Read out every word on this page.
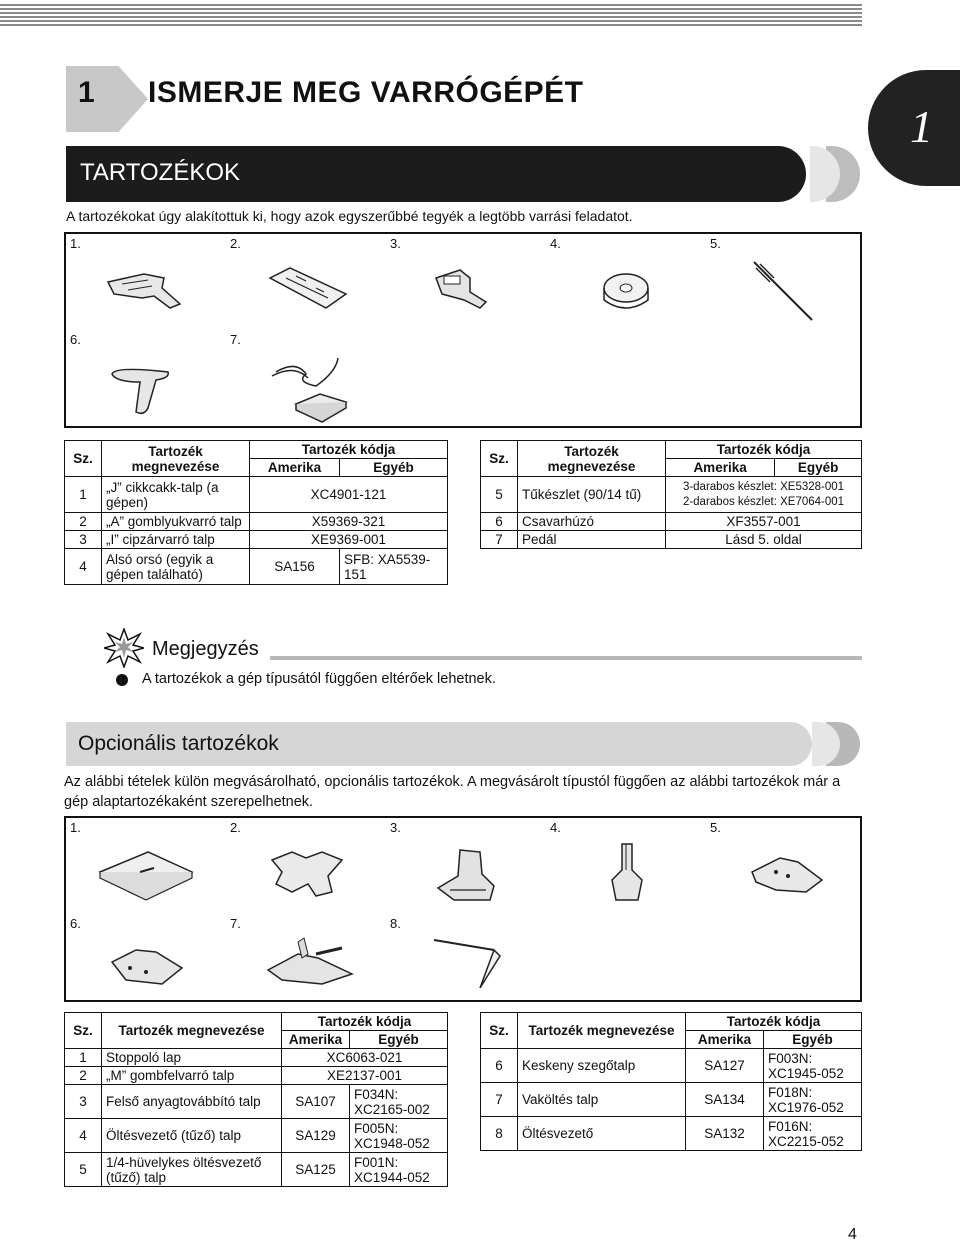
1 ISMERJE MEG VARRÓGÉPÉT
1
TARTOZÉKOK
A tartozékokat úgy alakítottuk ki, hogy azok egyszerűbbé tegyék a legtöbb varrási feladatot.
1.	2.	3.	4.	5.
6.	7.
Sz.	Tartozék megnevezése	Tartozék kódja	
		Amerika	Egyéb
1	„J” cikkcakk-talp (a gépen)	XC4901-121	
2	„A” gomblyukvarró talp	X59369-321	
3	„I” cipzárvarró talp	XE9369-001	
4	Alsó orsó (egyik a gépen található)	SA156	SFB: XA5539-151
Sz.	Tartozék megnevezése	Tartozék kódja	
		Amerika	Egyéb
5	Tűkészlet (90/14 tű)	3-darabos készlet: XE5328-001
2-darabos készlet: XE7064-001	

6	Csavarhúzó	XF3557-001	
7	Pedál	Lásd 5. oldal	
Megjegyzés
A tartozékok a gép típusától függően eltérőek lehetnek.
Opcionális tartozékok
Az alábbi tételek külön megvásárolható, opcionális tartozékok. A megvásárolt típustól függően az alábbi tartozékok már a gép alaptartozékaként szerepelhetnek.
1.	2.	3.	4.	5.
6.	7.	8.
Sz.	Tartozék megnevezése	Tartozék kódja	
		Amerika	Egyéb
1	Stoppoló lap	XC6063-021	
2	„M” gombfelvarró talp	XE2137-001	
3	Felső anyagtovábbító talp	SA107	F034N: XC2165-002
4	Öltésvezető (tűző) talp	SA129	F005N: XC1948-052
5	1/4-hüvelykes öltésvezető (tűző) talp	SA125	F001N: XC1944-052
Sz.	Tartozék megnevezése	Tartozék kódja	
		Amerika	Egyéb
6	Keskeny szegőtalp	SA127	F003N: XC1945-052
7	Vaköltés talp	SA134	F018N: XC1976-052
8	Öltésvezető	SA132	F016N: XC2215-052
4
